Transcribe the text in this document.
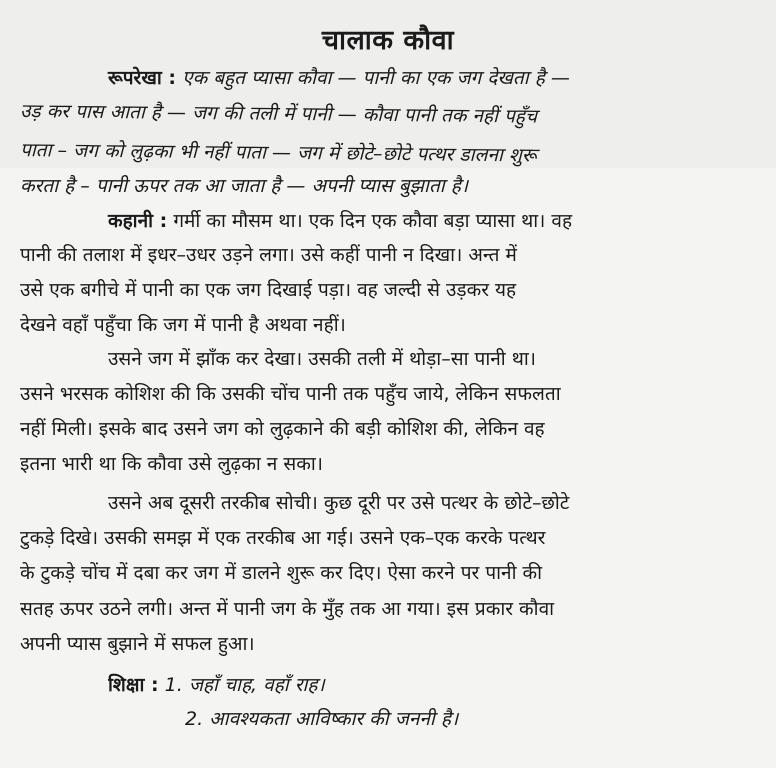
चालाक कौवा
रूपरेखा : एक बहुत प्यासा कौवा — पानी का एक जग देखता है —
उड़ कर पास आता है — जग की तली में पानी — कौवा पानी तक नहीं पहुँच
पाता – जग को लुढ़का भी नहीं पाता — जग में छोटे–छोटे पत्थर डालना शुरू
करता है – पानी ऊपर तक आ जाता है — अपनी प्यास बुझाता है।
कहानी : गर्मी का मौसम था। एक दिन एक कौवा बड़ा प्यासा था। वह
पानी की तलाश में इधर–उधर उड़ने लगा। उसे कहीं पानी न दिखा। अन्त में
उसे एक बगीचे में पानी का एक जग दिखाई पड़ा। वह जल्दी से उड़कर यह
देखने वहाँ पहुँचा कि जग में पानी है अथवा नहीं।
उसने जग में झाँक कर देखा। उसकी तली में थोड़ा–सा पानी था।
उसने भरसक कोशिश की कि उसकी चोंच पानी तक पहुँच जाये, लेकिन सफलता
नहीं मिली। इसके बाद उसने जग को लुढ़काने की बड़ी कोशिश की, लेकिन वह
इतना भारी था कि कौवा उसे लुढ़का न सका।
उसने अब दूसरी तरकीब सोची। कुछ दूरी पर उसे पत्थर के छोटे–छोटे
टुकड़े दिखे। उसकी समझ में एक तरकीब आ गई। उसने एक–एक करके पत्थर
के टुकड़े चोंच में दबा कर जग में डालने शुरू कर दिए। ऐसा करने पर पानी की
सतह ऊपर उठने लगी। अन्त में पानी जग के मुँह तक आ गया। इस प्रकार कौवा
अपनी प्यास बुझाने में सफल हुआ।
शिक्षा : 1. जहाँ चाह, वहाँ राह।
2. आवश्यकता आविष्कार की जननी है।
